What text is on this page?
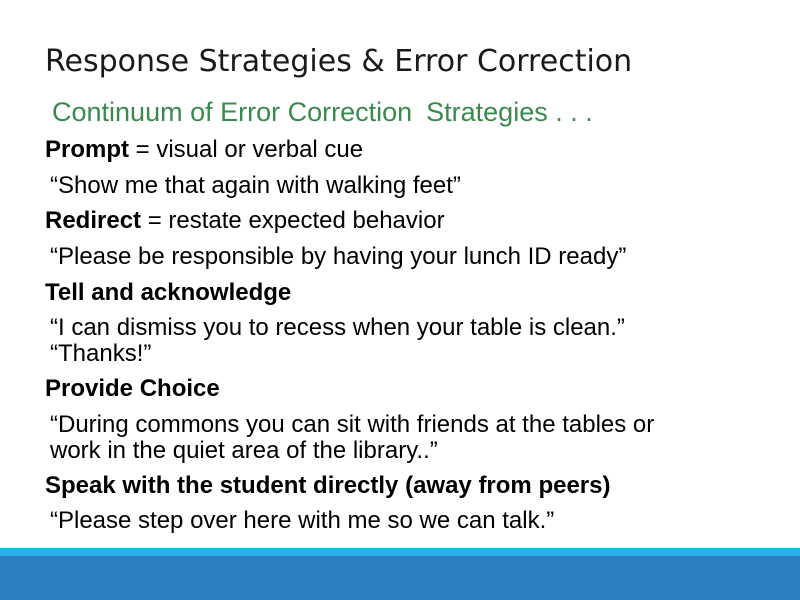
Response Strategies & Error Correction
Continuum of Error Correction Strategies . . .
Prompt = visual or verbal cue
“Show me that again with walking feet”
Redirect = restate expected behavior
“Please be responsible by having your lunch ID ready”
Tell and acknowledge
“I can dismiss you to recess when your table is clean.”
“Thanks!”
Provide Choice
“During commons you can sit with friends at the tables or
work in the quiet area of the library..”
Speak with the student directly (away from peers)
“Please step over here with me so we can talk.”
